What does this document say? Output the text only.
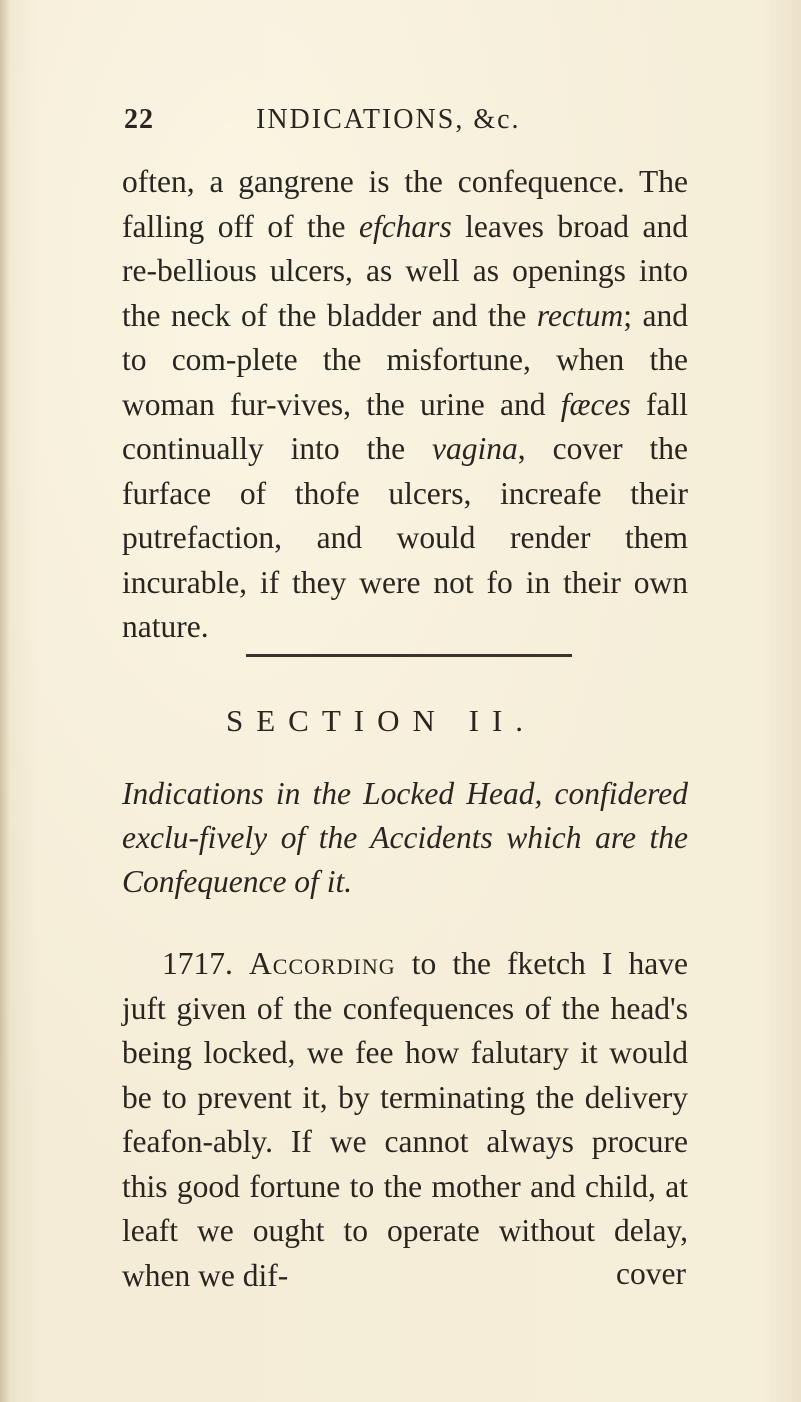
22	INDICATIONS, &c.
often, a gangrene is the confequence. The falling off of the efchars leaves broad and re-bellious ulcers, as well as openings into the neck of the bladder and the rectum; and to com-plete the misfortune, when the woman fur-vives, the urine and fæces fall continually into the vagina, cover the furface of thofe ulcers, increafe their putrefaction, and would render them incurable, if they were not fo in their own nature.
SECTION II.
Indications in the Locked Head, confidered exclu-fively of the Accidents which are the Confequence of it.
1717. According to the fketch I have juft given of the confequences of the head's being locked, we fee how falutary it would be to prevent it, by terminating the delivery feafon-ably. If we cannot always procure this good fortune to the mother and child, at leaft we ought to operate without delay, when we dif-	cover
